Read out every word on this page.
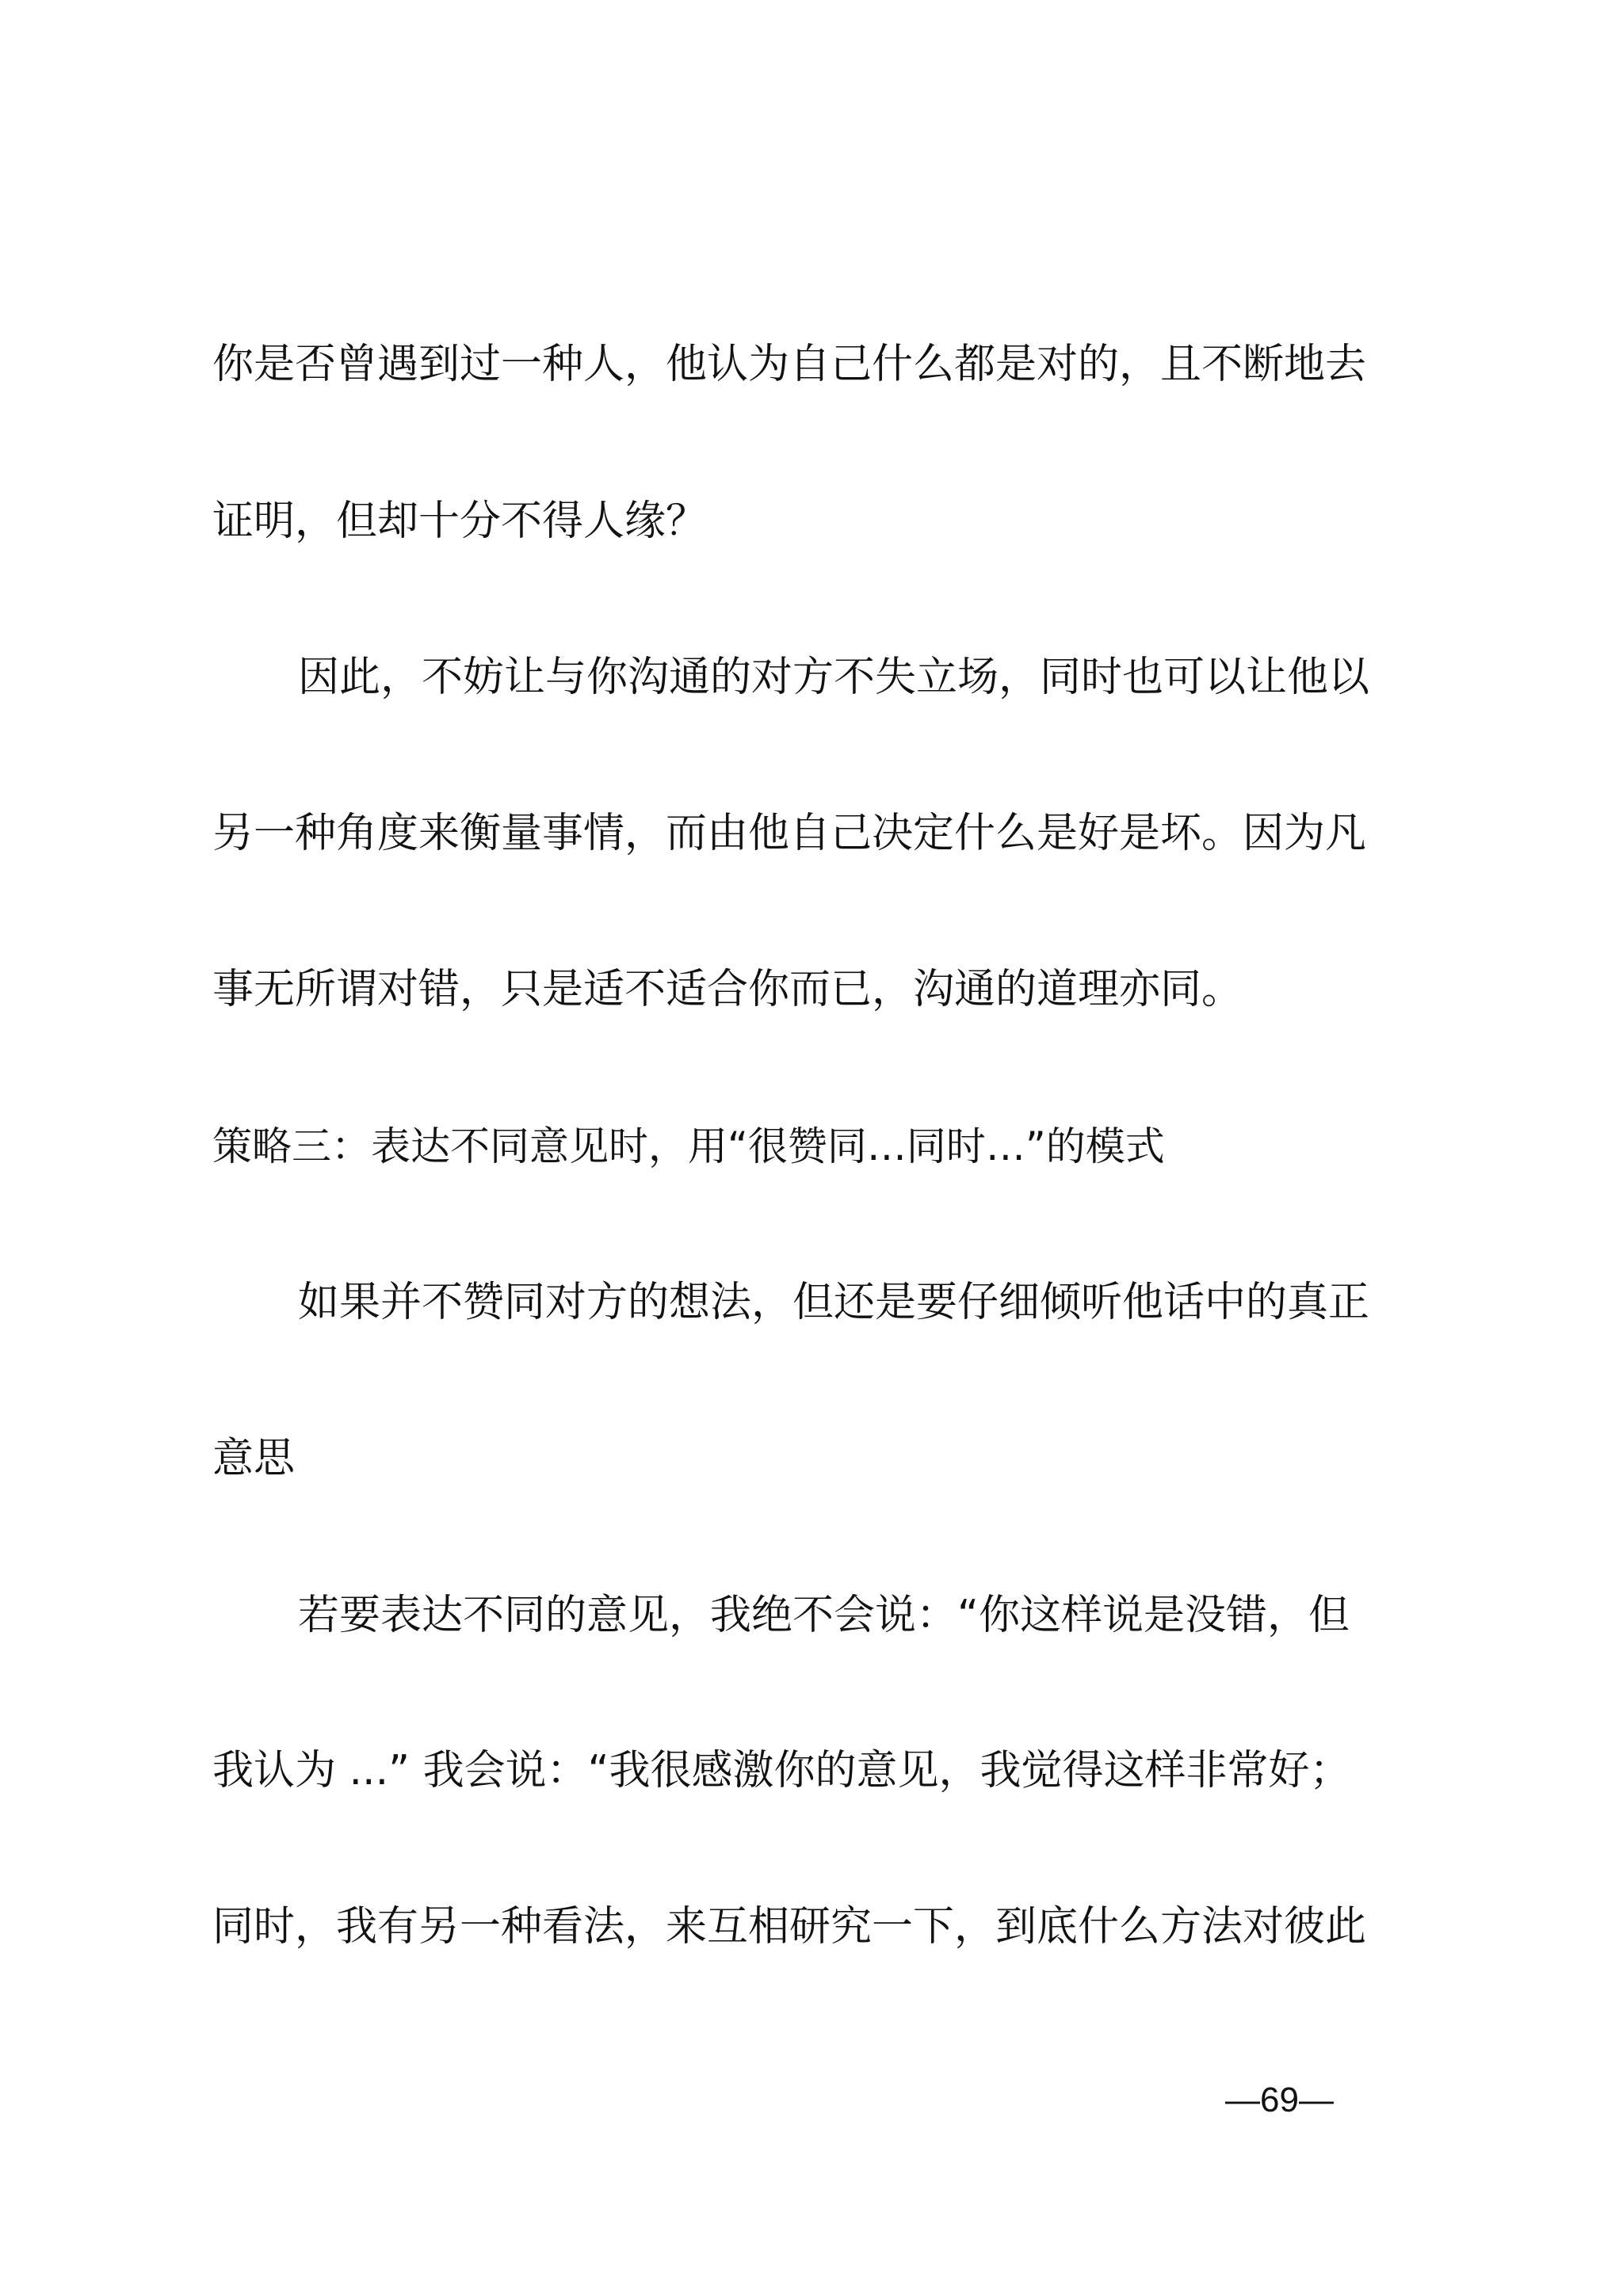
你是否曾遇到过一种人，他认为自己什么都是对的，且不断地去
证明，但却十分不得人缘？
因此，不妨让与你沟通的对方不失立场，同时也可以让他以
另一种角度来衡量事情，而由他自己决定什么是好是坏。因为凡
事无所谓对错，只是适不适合你而已，沟通的道理亦同。
策略三：表达不同意见时，用“很赞同…同时…”的模式
如果并不赞同对方的想法，但还是要仔细倾听他话中的真正
意思
若要表达不同的意见，我绝不会说：“你这样说是没错，但
我认为 ...” 我会说：“我很感激你的意见，我觉得这样非常好；
同时，我有另一种看法，来互相研究一下，到底什么方法对彼此
—69—
